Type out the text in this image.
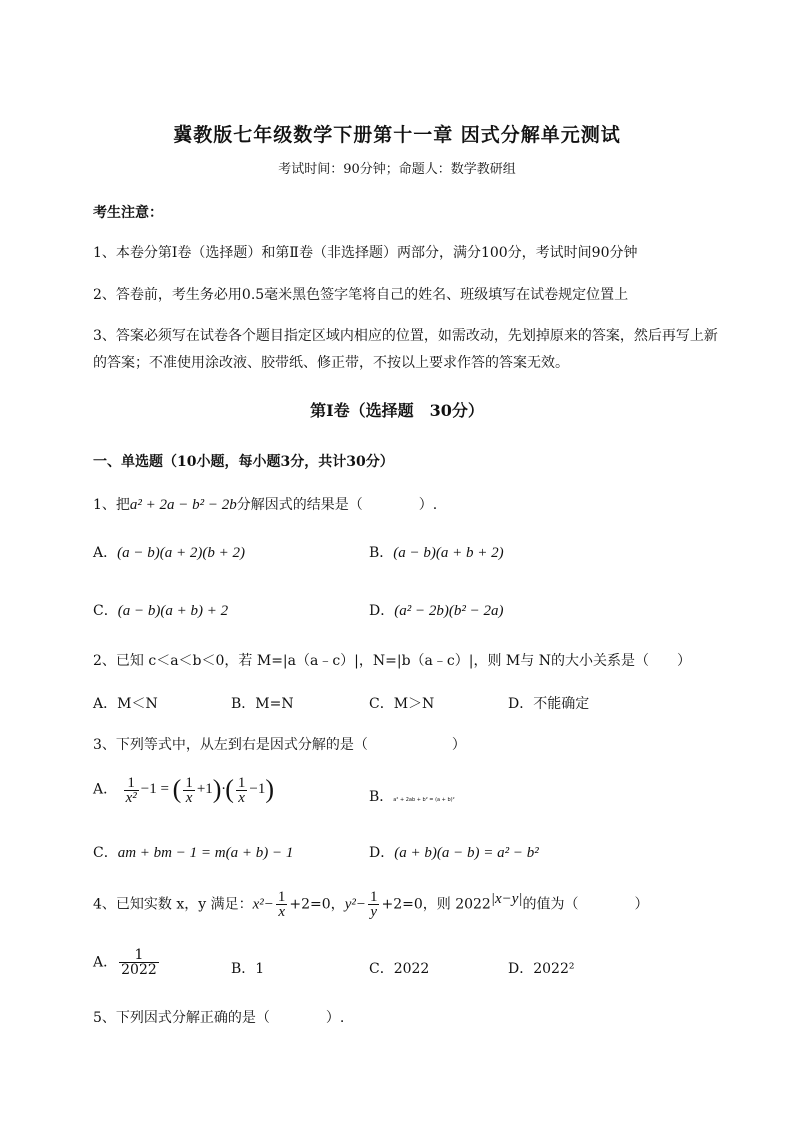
冀教版七年级数学下册第十一章 因式分解单元测试
考试时间：90分钟；命题人：数学教研组
考生注意：
1、本卷分第Ⅰ卷（选择题）和第Ⅱ卷（非选择题）两部分，满分100分，考试时间90分钟
2、答卷前，考生务必用0.5毫米黑色签字笔将自己的姓名、班级填写在试卷规定位置上
3、答案必须写在试卷各个题目指定区域内相应的位置，如需改动，先划掉原来的答案，然后再写上新
的答案；不准使用涂改液、胶带纸、修正带，不按以上要求作答的答案无效。
第Ⅰ卷（选择题　30分）
一、单选题（10小题，每小题3分，共计30分）
1、把a² + 2a − b² − 2b分解因式的结果是（　　　　）.
A．(a − b)(a + 2)(b + 2)	B．(a − b)(a + b + 2)
C．(a − b)(a + b) + 2	D．(a² − 2b)(b² − 2a)
2、已知 c＜a＜b＜0，若 M=|a（a﹣c）|，N=|b（a﹣c）|，则 M与 N的大小关系是（　　）
A．M＜N	B．M=N	C．M＞N	D．不能确定
3、下列等式中，从左到右是因式分解的是（　　　　　　）
A． $\frac{1}{\text{x²}} -1$ = ( $\frac{1}{x} +1)\cdot( \frac{1}{x} -1)$	B．a² + 2ab + b² = (a + b)²
C．am + bm − 1 = m(a + b) − 1	D．(a + b)(a − b) = a² − b²
4、已知实数 x，y 满足：$x^2- \frac{1}{x} +2=0$，$y^2- \frac{1}{y} +2=0$，则 $2022^{|x-y|}$的值为（　　　　）
A． $\frac{1}{2022}$	B．1	C．2022	D．2022²
5、下列因式分解正确的是（　　　　）.
